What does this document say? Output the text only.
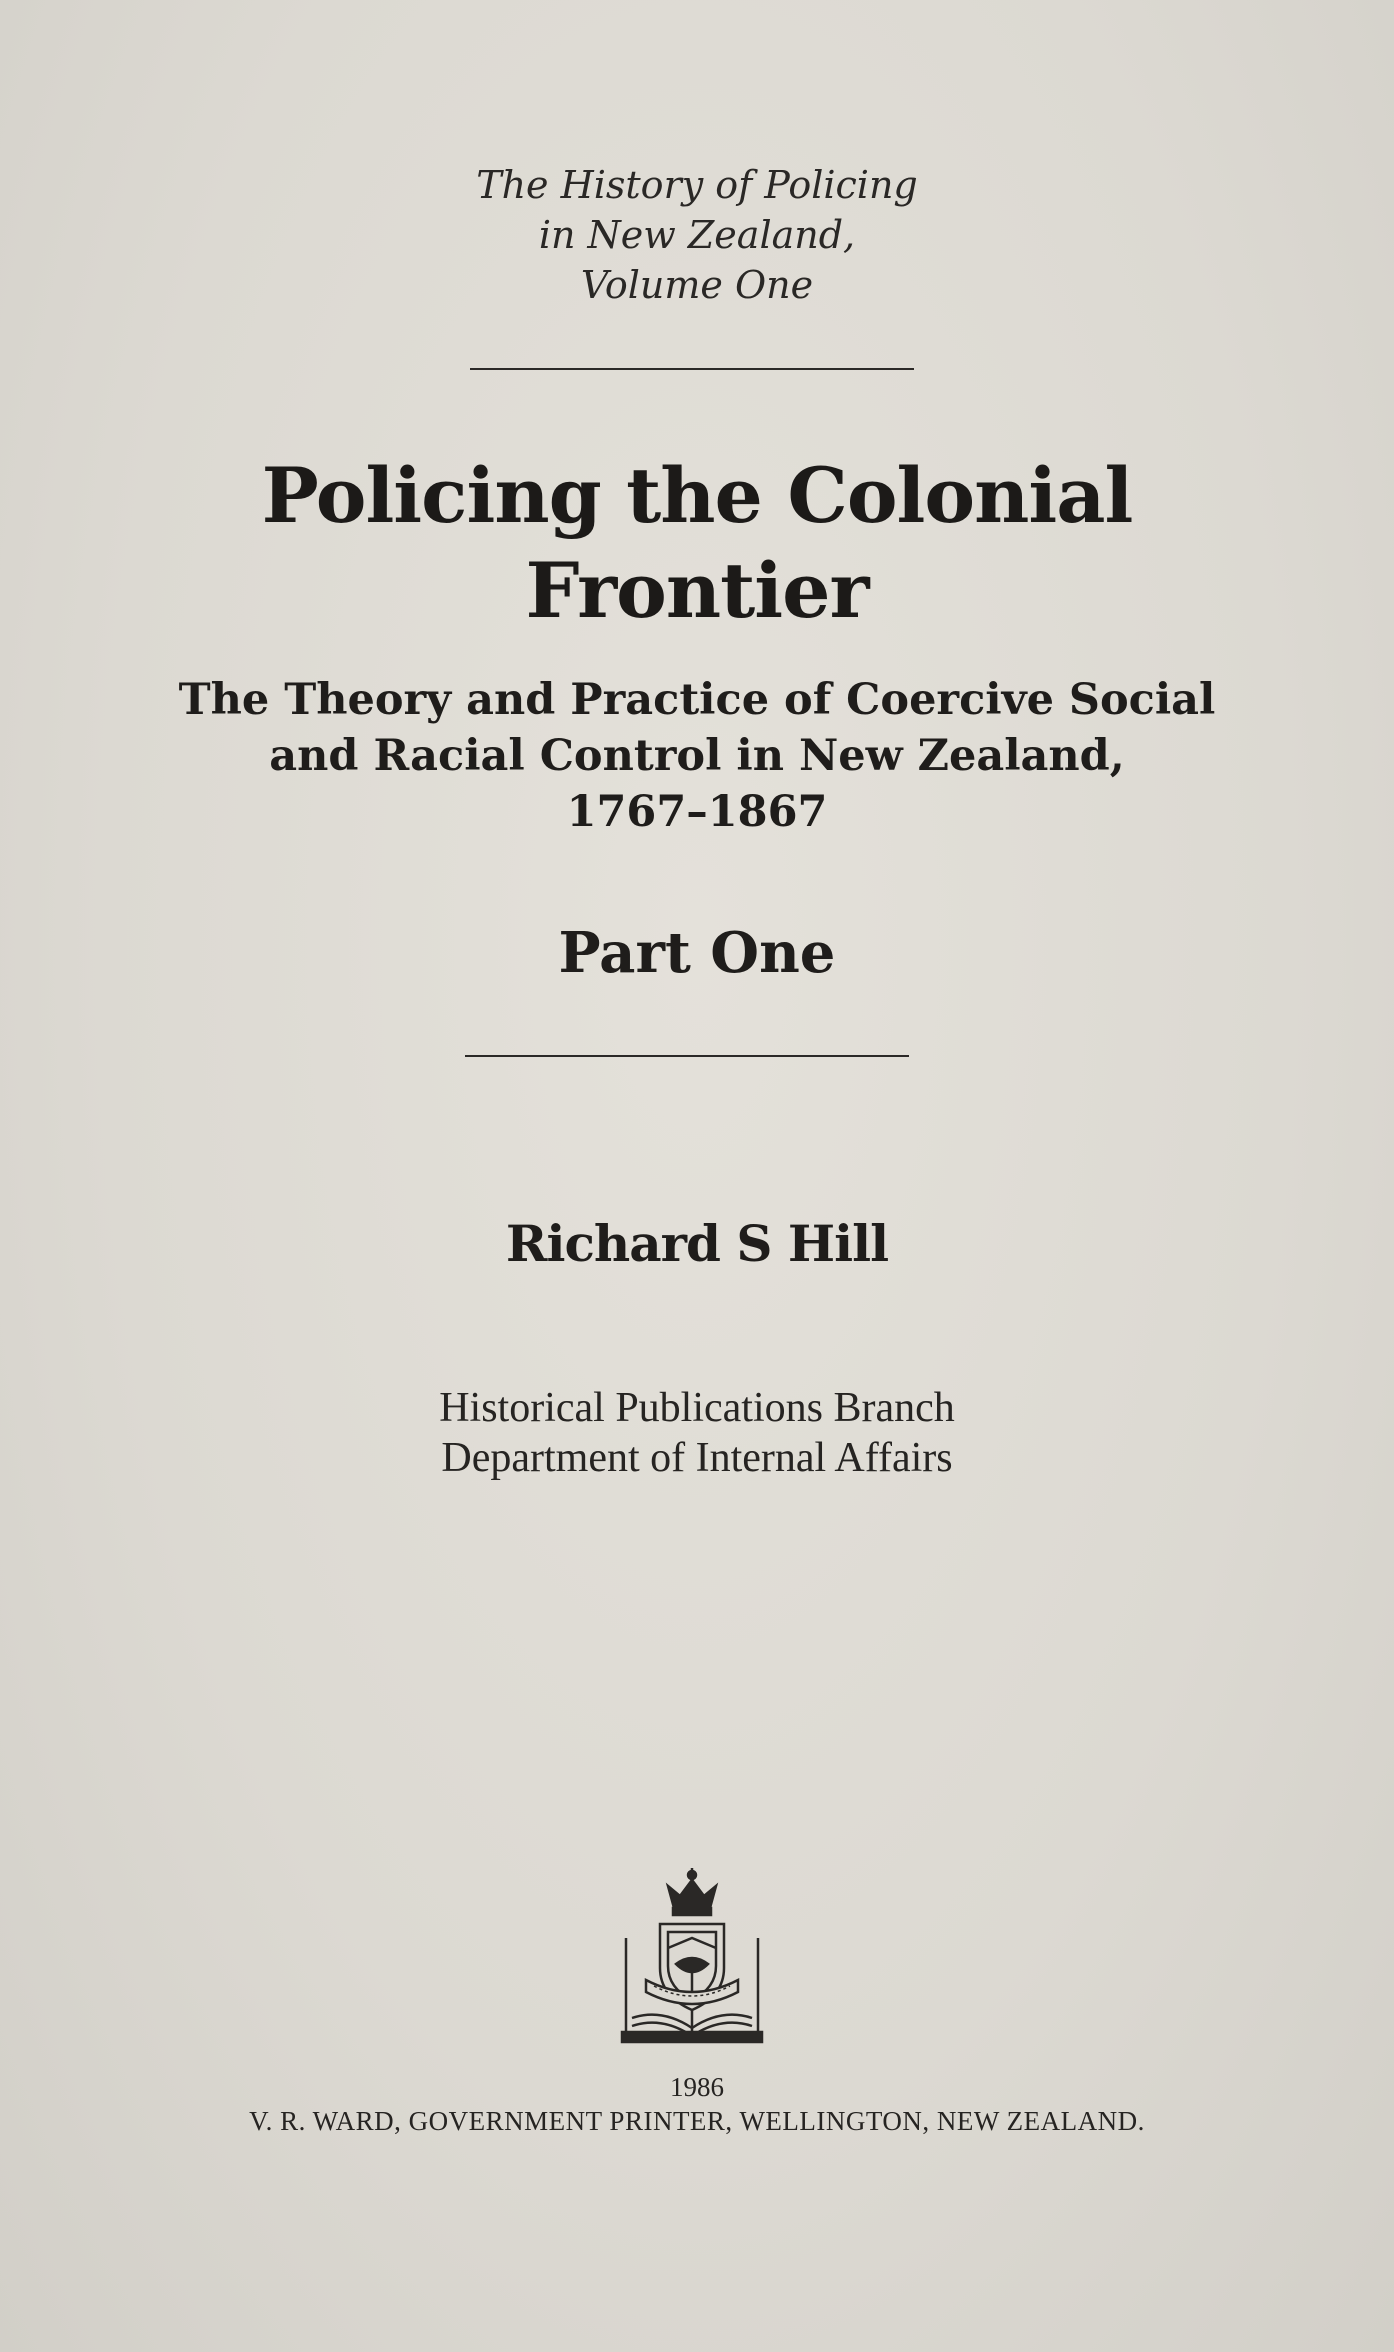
The History of Policing
in New Zealand,
Volume One
Policing the Colonial
Frontier
The Theory and Practice of Coercive Social
and Racial Control in New Zealand,
1767–1867
Part One
Richard S Hill
Historical Publications Branch
Department of Internal Affairs
1986
V. R. WARD, GOVERNMENT PRINTER, WELLINGTON, NEW ZEALAND.
